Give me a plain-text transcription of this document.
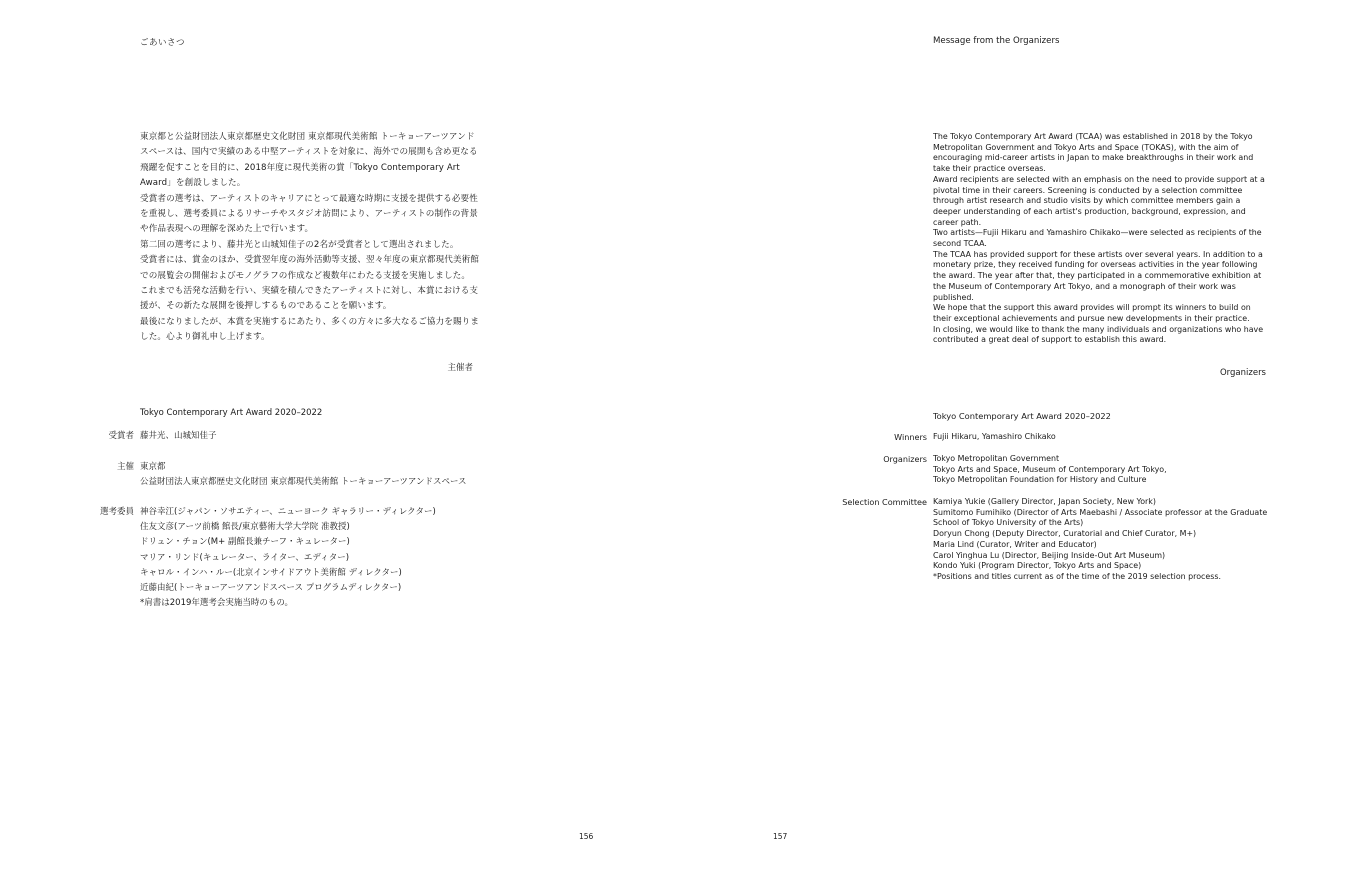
ごあいさつ

東京都と公益財団法人東京都歴史文化財団 東京都現代美術館 トーキョーアーツアンドスペースは、国内で実績のある中堅アーティストを対象に、海外での展開も含め更なる飛躍を促すことを目的に、2018年度に現代美術の賞「Tokyo Contemporary Art Award」を創設しました。

受賞者の選考は、アーティストのキャリアにとって最適な時期に支援を提供する必要性を重視し、選考委員によるリサーチやスタジオ訪問により、アーティストの制作の背景や作品表現への理解を深めた上で行います。

第二回の選考により、藤井光と山城知佳子の2名が受賞者として選出されました。

受賞者には、賞金のほか、受賞翌年度の海外活動等支援、翌々年度の東京都現代美術館での展覧会の開催およびモノグラフの作成など複数年にわたる支援を実施しました。

これまでも活発な活動を行い、実績を積んできたアーティストに対し、本賞における支援が、その新たな展開を後押しするものであることを願います。

最後になりましたが、本賞を実施するにあたり、多くの方々に多大なるご協力を賜りました。心より御礼申し上げます。

主催者
Tokyo Contemporary Art Award 2020–2022
受賞者 藤井光、山城知佳子
主催 東京都
公益財団法人東京都歴史文化財団 東京都現代美術館 トーキョーアーツアンドスペース
選考委員 神谷幸江(ジャパン・ソサエティー、ニューヨーク ギャラリー・ディレクター)
住友文彦(アーツ前橋 館長/東京藝術大学大学院 准教授)
ドリュン・チョン(M+ 副館長兼チーフ・キュレーター)
マリア・リンド(キュレーター、ライター、エディター)
キャロル・インハ・ルー(北京インサイドアウト美術館 ディレクター)
近藤由紀(トーキョーアーツアンドスペース プログラムディレクター)
*肩書は2019年選考会実施当時のもの。
156
Message from the Organizers

The Tokyo Contemporary Art Award (TCAA) was established in 2018 by the Tokyo Metropolitan Government and Tokyo Arts and Space (TOKAS), with the aim of encouraging mid-career artists in Japan to make breakthroughs in their work and take their practice overseas.

Award recipients are selected with an emphasis on the need to provide support at a pivotal time in their careers. Screening is conducted by a selection committee through artist research and studio visits by which committee members gain a deeper understanding of each artist's production, background, expression, and career path.

Two artists—Fujii Hikaru and Yamashiro Chikako—were selected as recipients of the second TCAA.

The TCAA has provided support for these artists over several years. In addition to a monetary prize, they received funding for overseas activities in the year following the award. The year after that, they participated in a commemorative exhibition at the Museum of Contemporary Art Tokyo, and a monograph of their work was published.

We hope that the support this award provides will prompt its winners to build on their exceptional achievements and pursue new developments in their practice.

In closing, we would like to thank the many individuals and organizations who have contributed a great deal of support to establish this award.

Organizers
Tokyo Contemporary Art Award 2020–2022
Winners Fujii Hikaru, Yamashiro Chikako
Organizers Tokyo Metropolitan Government
Tokyo Arts and Space, Museum of Contemporary Art Tokyo,
Tokyo Metropolitan Foundation for History and Culture
Selection Committee Kamiya Yukie (Gallery Director, Japan Society, New York)
Sumitomo Fumihiko (Director of Arts Maebashi / Associate professor at the Graduate School of Tokyo University of the Arts)
Doryun Chong (Deputy Director, Curatorial and Chief Curator, M+)
Maria Lind (Curator, Writer and Educator)
Carol Yinghua Lu (Director, Beijing Inside-Out Art Museum)
Kondo Yuki (Program Director, Tokyo Arts and Space)
*Positions and titles current as of the time of the 2019 selection process.
157
